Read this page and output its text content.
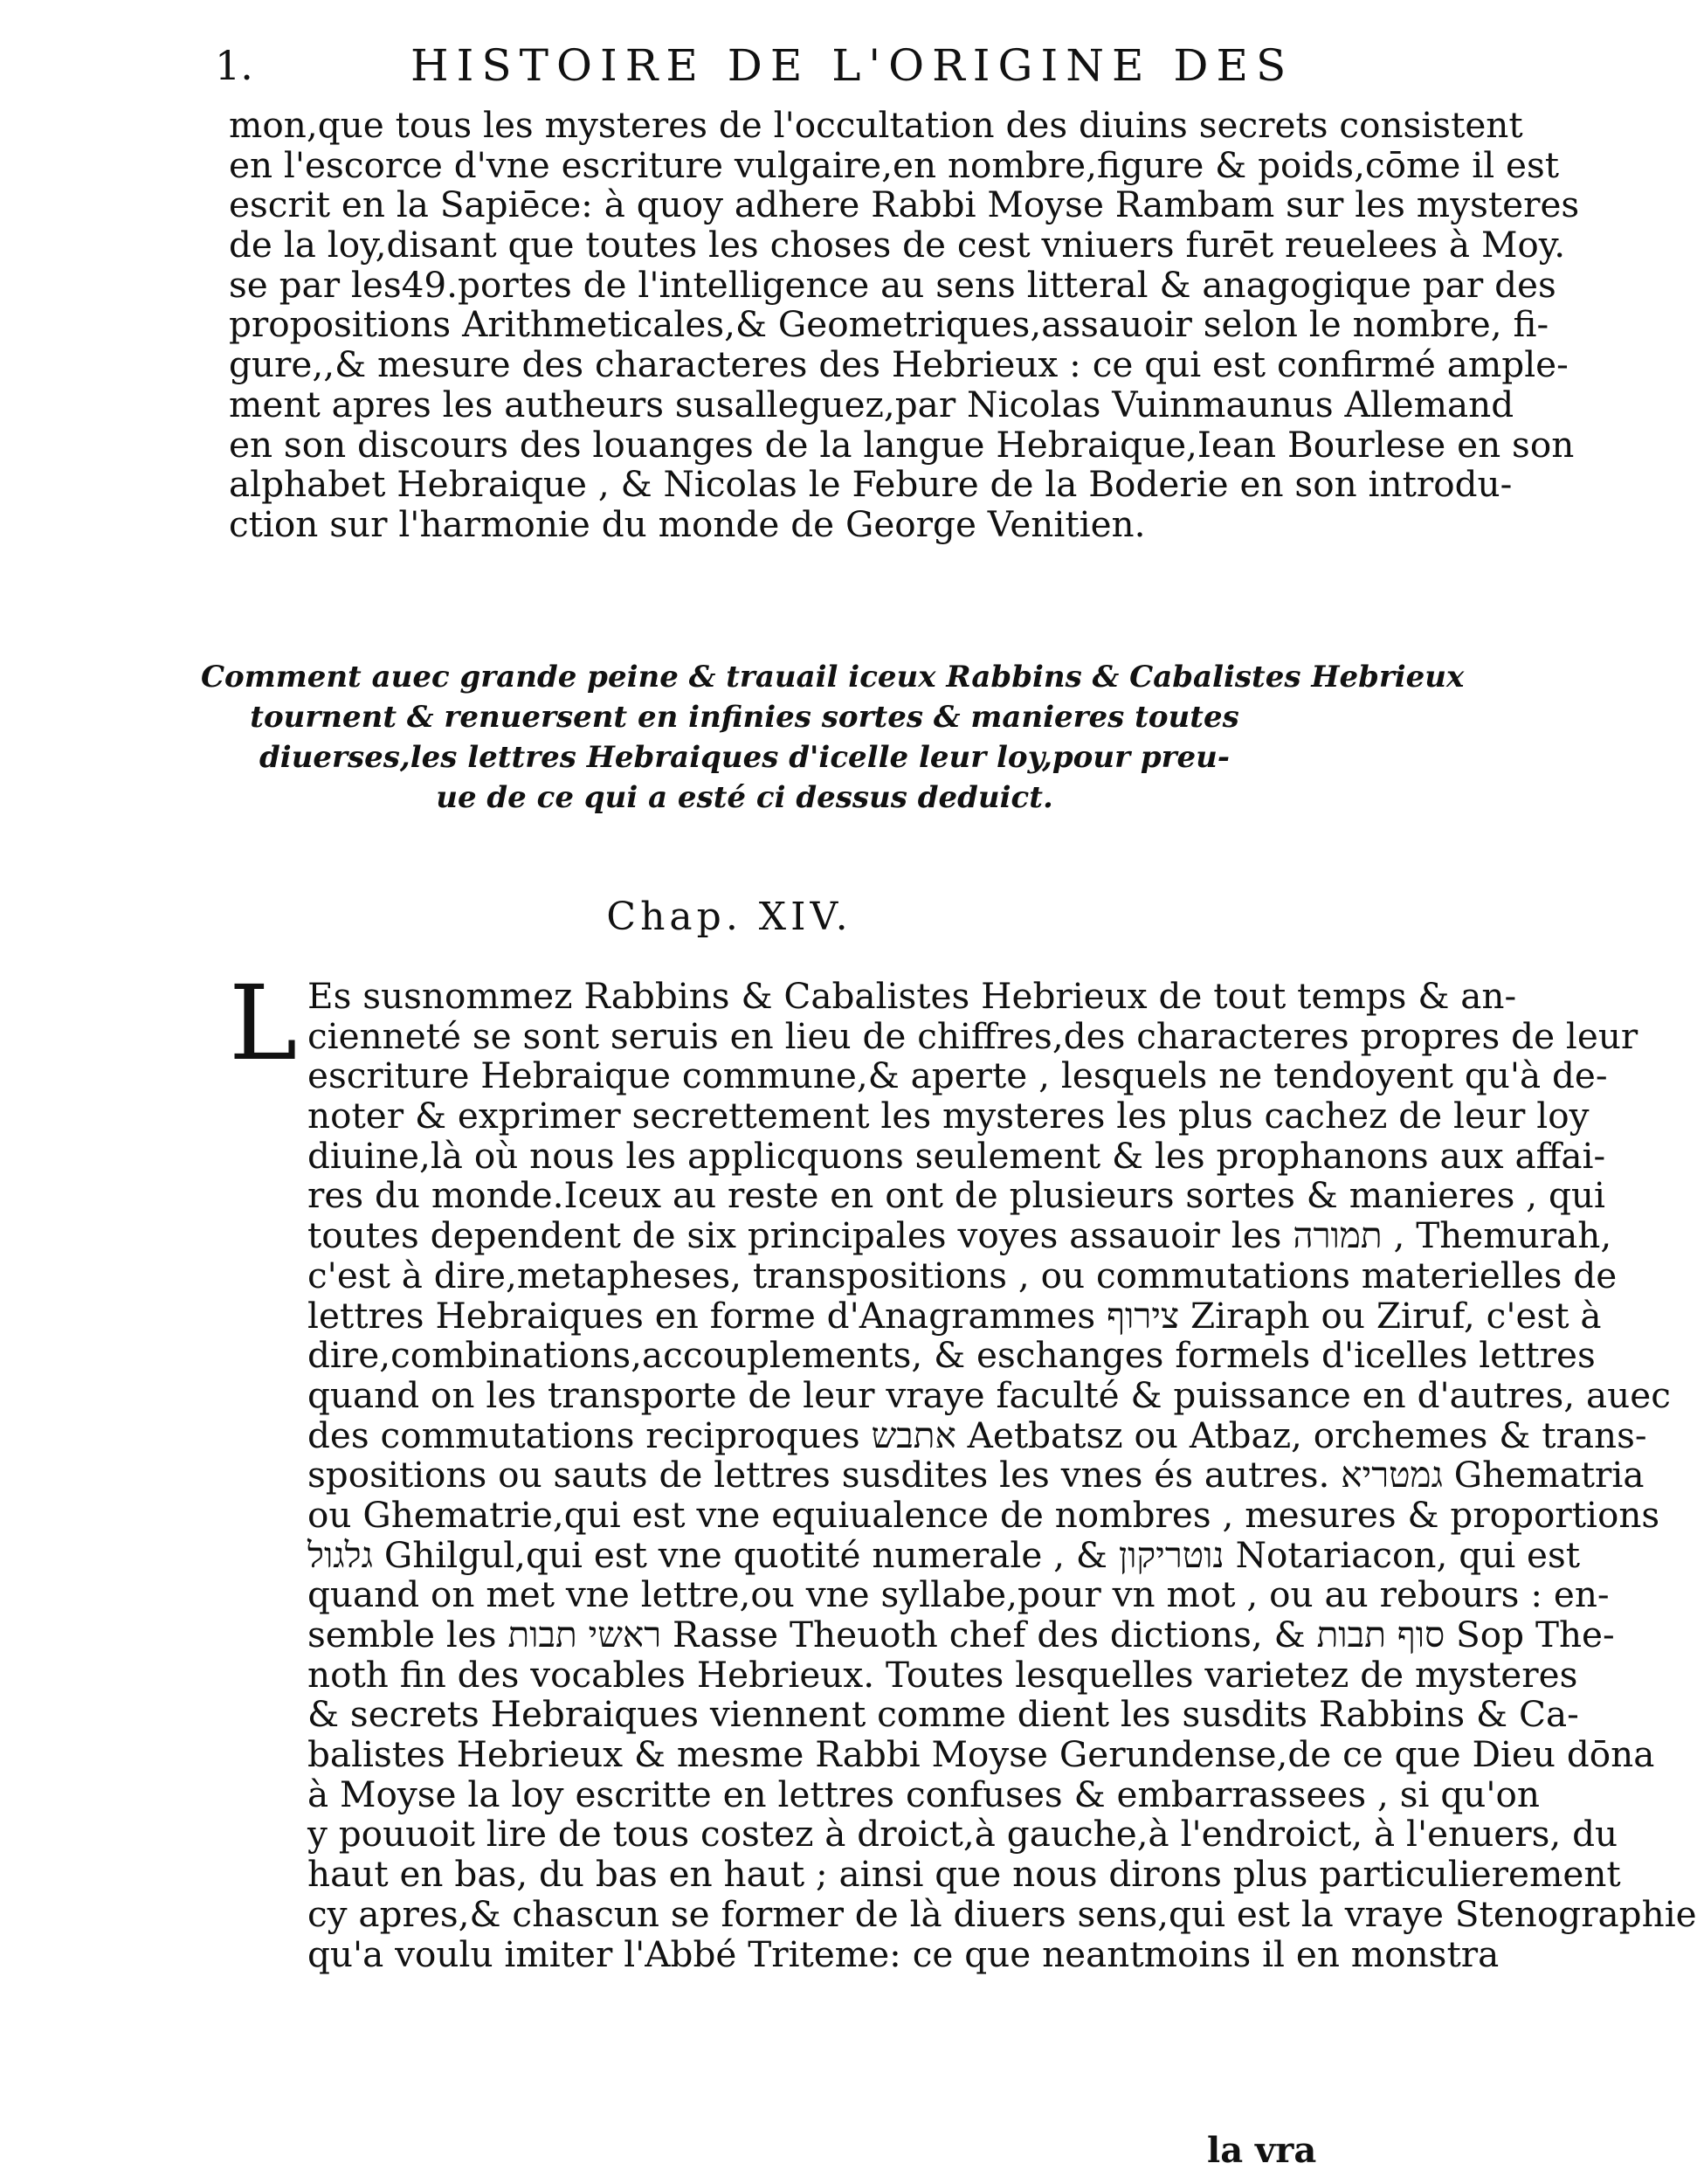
1.	HISTOIRE DE L'ORIGINE DES
mon,que tous les mysteres de l'occultation des diuins secrets consistent
en l'escorce d'vne escriture vulgaire,en nombre,figure & poids,cōme il est
escrit en la Sapiēce: à quoy adhere Rabbi Moyse Rambam sur les mysteres
de la loy,disant que toutes les choses de cest vniuers furēt reuelees à Moy.
se par les49.portes de l'intelligence au sens litteral & anagogique par des
propositions Arithmeticales,& Geometriques,assauoir selon le nombre, fi-
gure,,& mesure des characteres des Hebrieux : ce qui est confirmé ample-
ment apres les autheurs susalleguez,par Nicolas Vuinmaunus Allemand
en son discours des louanges de la langue Hebraique,Iean Bourlese en son
alphabet Hebraique , & Nicolas le Febure de la Boderie en son introdu-
ction sur l'harmonie du monde de George Venitien.
Comment auec grande peine & trauail iceux Rabbins & Cabalistes Hebrieux
tournent & renuersent en infinies sortes & manieres toutes
diuerses,les lettres Hebraiques d'icelle leur loy,pour preu-
ue de ce qui a esté ci dessus deduict.
Chap. XIV.
L Es susnommez Rabbins & Cabalistes Hebrieux de tout temps & an-
cienneté se sont seruis en lieu de chiffres,des characteres propres de leur
escriture Hebraique commune,& aperte , lesquels ne tendoyent qu'à de-
noter & exprimer secrettement les mysteres les plus cachez de leur loy
diuine,là où nous les applicquons seulement & les prophanons aux affai-
res du monde.Iceux au reste en ont de plusieurs sortes & manieres , qui
toutes dependent de six principales voyes assauoir les תמורה , Themurah,
c'est à dire,metapheses, transpositions , ou commutations materielles de
lettres Hebraiques en forme d'Anagrammes צירוף Ziraph ou Ziruf, c'est à
dire,combinations,accouplements, & eschanges formels d'icelles lettres
quand on les transporte de leur vraye faculté & puissance en d'autres, auec
des commutations reciproques אתבש Aetbatsz ou Atbaz, orchemes & trans-
spositions ou sauts de lettres susdites les vnes és autres. גמטריא Ghematria
ou Ghematrie,qui est vne equiualence de nombres , mesures & proportions
גלגול Ghilgul,qui est vne quotité numerale , & נוטריקון Notariacon, qui est
quand on met vne lettre,ou vne syllabe,pour vn mot , ou au rebours : en-
semble les ראשי תבות Rasse Theuoth chef des dictions, & סוף תבות Sop The-
noth fin des vocables Hebrieux. Toutes lesquelles varietez de mysteres
& secrets Hebraiques viennent comme dient les susdits Rabbins & Ca-
balistes Hebrieux & mesme Rabbi Moyse Gerundense,de ce que Dieu dōna
à Moyse la loy escritte en lettres confuses & embarrassees , si qu'on
y pouuoit lire de tous costez à droict,à gauche,à l'endroict, à l'enuers, du
haut en bas, du bas en haut ; ainsi que nous dirons plus particulierement
cy apres,& chascun se former de là diuers sens,qui est la vraye Stenographie
qu'a voulu imiter l'Abbé Triteme: ce que neantmoins il en monstra
la vra
